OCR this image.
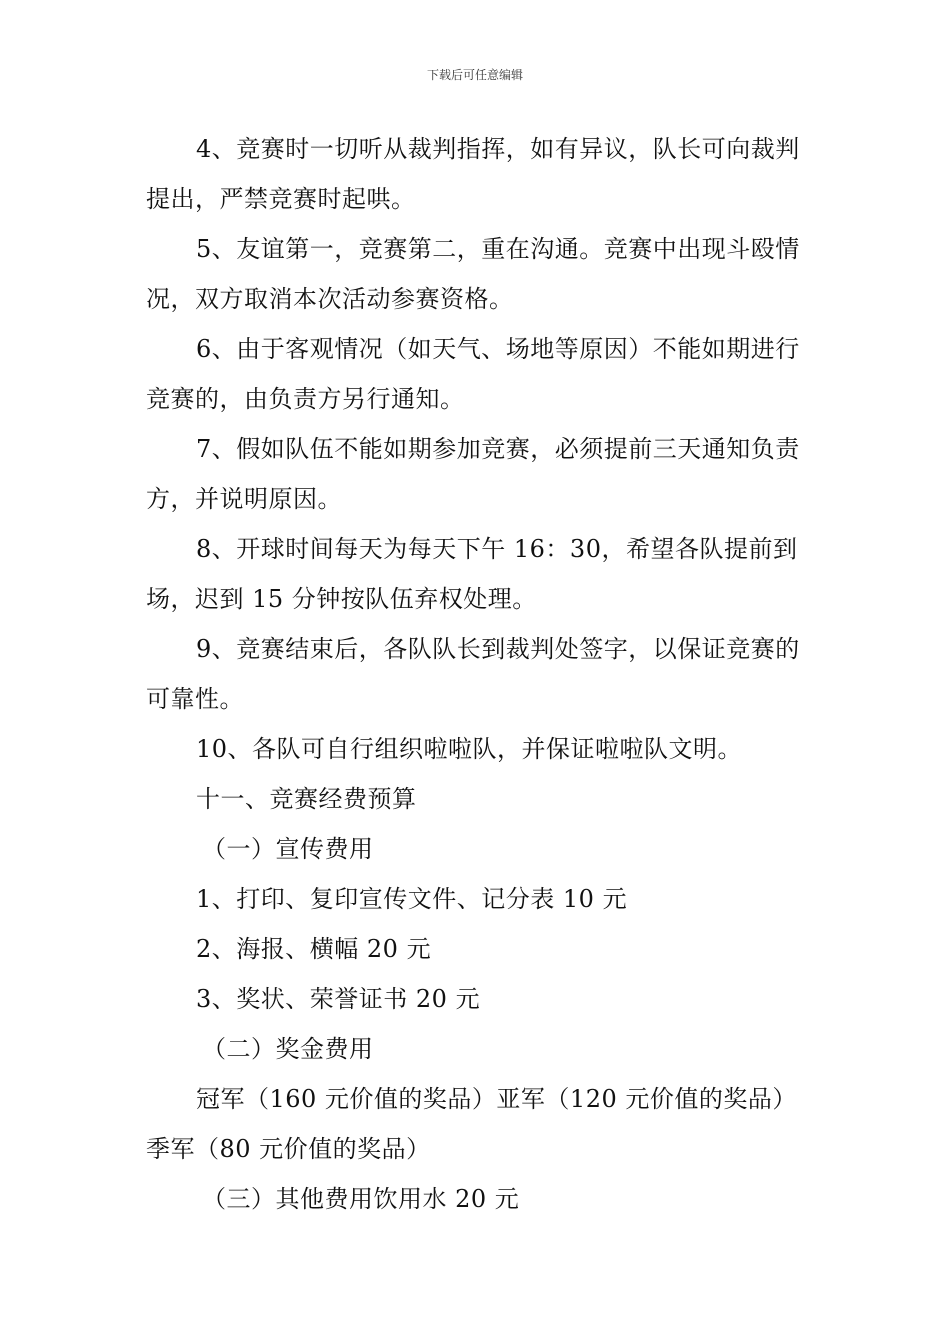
下载后可任意编辑

4、竞赛时一切听从裁判指挥，如有异议，队长可向裁判提出，严禁竞赛时起哄。

5、友谊第一，竞赛第二，重在沟通。竞赛中出现斗殴情况，双方取消本次活动参赛资格。

6、由于客观情况（如天气、场地等原因）不能如期进行竞赛的，由负责方另行通知。

7、假如队伍不能如期参加竞赛，必须提前三天通知负责方，并说明原因。

8、开球时间每天为每天下午 16：30，希望各队提前到场，迟到 15 分钟按队伍弃权处理。

9、竞赛结束后，各队队长到裁判处签字，以保证竞赛的可靠性。

10、各队可自行组织啦啦队，并保证啦啦队文明。

十一、竞赛经费预算

（一）宣传费用

1、打印、复印宣传文件、记分表 10 元

2、海报、横幅 20 元

3、奖状、荣誉证书 20 元

（二）奖金费用

冠军（160 元价值的奖品）亚军（120 元价值的奖品）季军（80 元价值的奖品）

（三）其他费用饮用水 20 元
